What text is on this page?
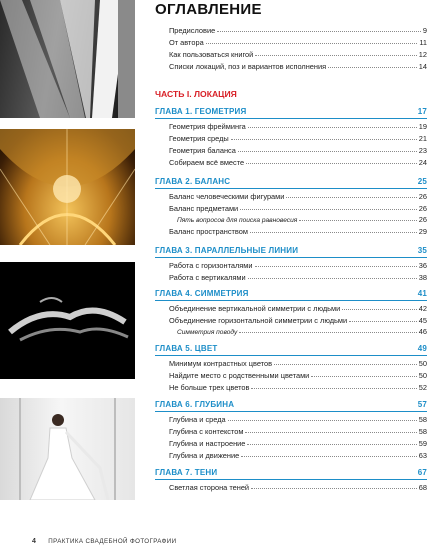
ОГЛАВЛЕНИЕ
Предисловие	9
От автора	11
Как пользоваться книгой	12
Списки локаций, поз и вариантов исполнения	14
ЧАСТЬ I. ЛОКАЦИЯ
ГЛАВА 1. ГЕОМЕТРИЯ	17
Геометрия фрейминга	19
Геометрия среды	21
Геометрия баланса	23
Собираем всё вместе	24
ГЛАВА 2. БАЛАНС	25
Баланс человеческими фигурами	26
Баланс предметами	26
Пять вопросов для поиска равновесия	26
Баланс пространством	29
ГЛАВА 3. ПАРАЛЛЕЛЬНЫЕ ЛИНИИ	35
Работа с горизонталями	36
Работа с вертикалями	38
ГЛАВА 4. СИММЕТРИЯ	41
Объединение вертикальной симметрии с людьми	42
Объединение горизонтальной симметрии с людьми	45
Симметрия поводу	46
ГЛАВА 5. ЦВЕТ	49
Минимум контрастных цветов	50
Найдите место с родственными цветами	50
Не больше трех цветов	52
ГЛАВА 6. ГЛУБИНА	57
Глубина и среда	58
Глубина с контекстом	58
Глубина и настроение	59
Глубина и движение	63
ГЛАВА 7. ТЕНИ	67
Светлая сторона теней	68
4 ПРАКТИКА СВАДЕБНОЙ ФОТОГРАФИИ
